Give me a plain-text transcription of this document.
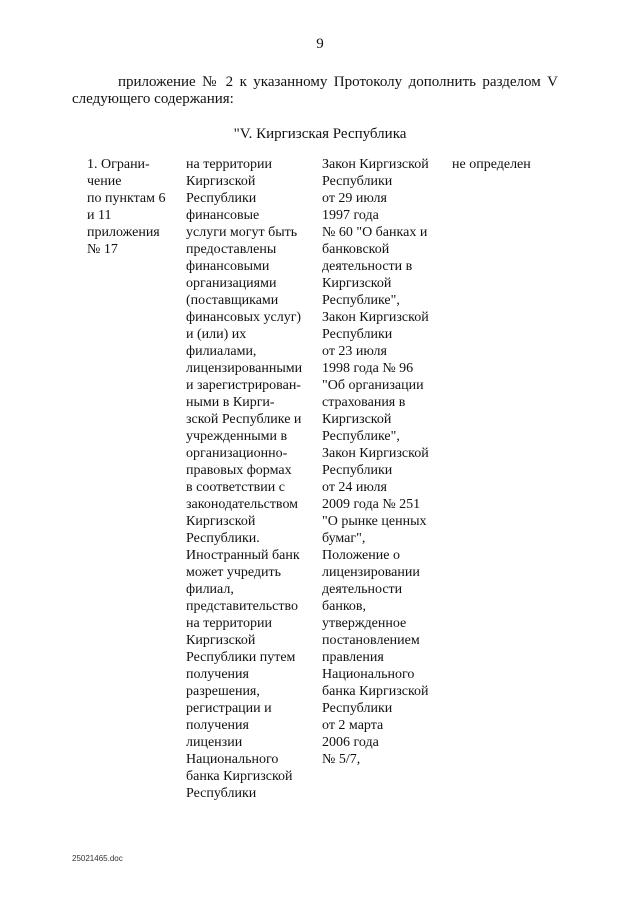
9
приложение № 2 к указанному Протоколу дополнить разделом V
следующего содержания:
"V. Киргизская Республика
1. Ограни-
чение
по пунктам 6
и 11
приложения
№ 17
на территории
Киргизской
Республики
финансовые
услуги могут быть
предоставлены
финансовыми
организациями
(поставщиками
финансовых услуг)
и (или) их
филиалами,
лицензированными
и зарегистрирован-
ными в Кирги-
зской Республике и
учрежденными в
организационно-
правовых формах
в соответствии с
законодательством
Киргизской
Республики.
Иностранный банк
может учредить
филиал,
представительство
на территории
Киргизской
Республики путем
получения
разрешения,
регистрации и
получения
лицензии
Национального
банка Киргизской
Республики
Закон Киргизской
Республики
от 29 июля
1997 года
№ 60 "О банках и
банковской
деятельности в
Киргизской
Республике",
Закон Киргизской
Республики
от 23 июля
1998 года № 96
"Об организации
страхования в
Киргизской
Республике",
Закон Киргизской
Республики
от 24 июля
2009 года № 251
"О рынке ценных
бумаг",
Положение о
лицензировании
деятельности
банков,
утвержденное
постановлением
правления
Национального
банка Киргизской
Республики
от 2 марта
2006 года
№ 5/7,
не определен
25021465.doc
